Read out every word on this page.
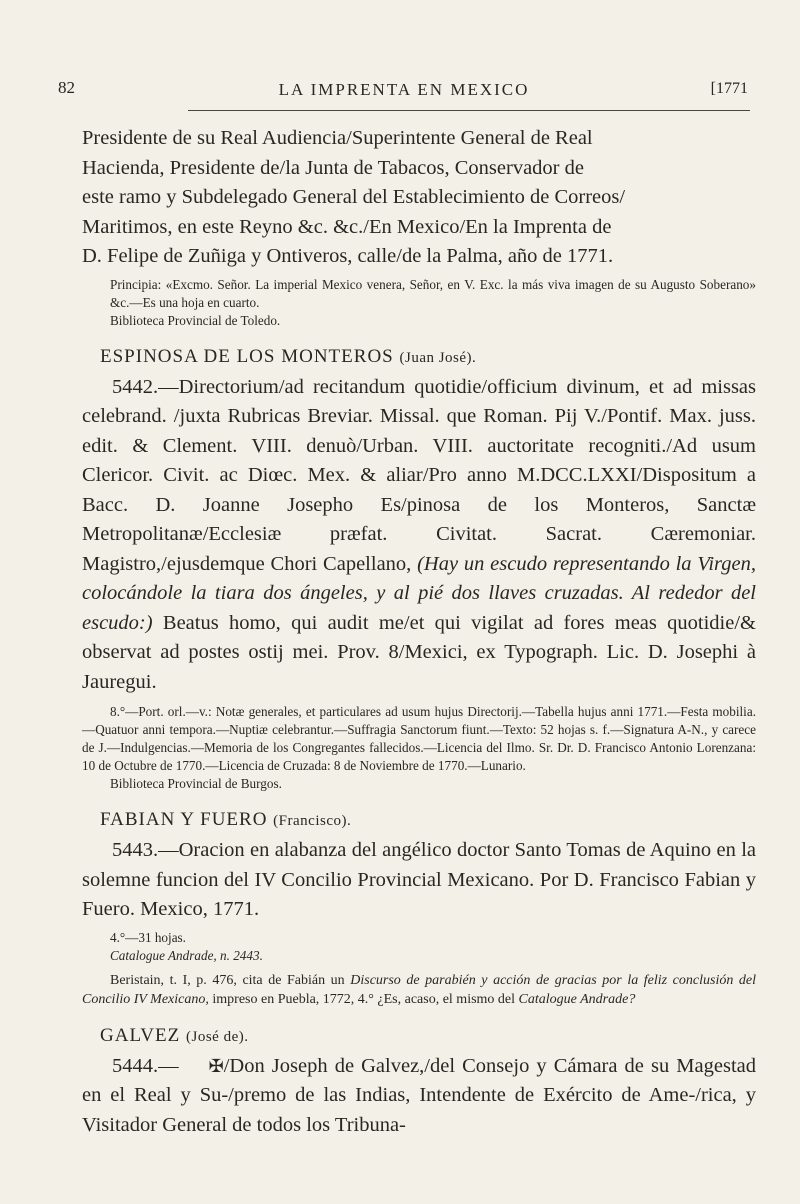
82	LA IMPRENTA EN MEXICO	[1771

Presidente de su Real Audiencia/Superintente General de Real

Hacienda, Presidente de/la Junta de Tabacos, Conservador de

este ramo y Subdelegado General del Establecimiento de Correos/

Maritimos, en este Reyno &c. &c./En Mexico/En la Imprenta de

D. Felipe de Zuñiga y Ontiveros, calle/de la Palma, año de 1771.

Principia: «Excmo. Señor. La imperial Mexico venera, Señor, en V. Exc. la más viva imagen de su Augusto Soberano» &c.—Es una hoja en cuarto.

Biblioteca Provincial de Toledo.

ESPINOSA DE LOS MONTEROS (Juan José).

5442.—Directorium/ad recitandum quotidie/officium divinum, et ad missas celebrand. /juxta Rubricas Breviar. Missal. que Roman. Pij V./Pontif. Max. juss. edit. & Clement. VIII. denuò/Urban. VIII. auctoritate recogniti./Ad usum Clericor. Civit. ac Diœc. Mex. & aliar/Pro anno M.DCC.LXXI/Dispositum a Bacc. D. Joanne Josepho Es/pinosa de los Monteros, Sanctæ Metropolitanæ/Ecclesiæ præfat. Civitat. Sacrat. Cæremoniar. Magistro,/ejusdemque Chori Capellano, (Hay un escudo representando la Virgen, colocándole la tiara dos ángeles, y al pié dos llaves cruzadas. Al rededor del escudo:) Beatus homo, qui audit me/et qui vigilat ad fores meas quotidie/& observat ad postes ostij mei. Prov. 8/Mexici, ex Typograph. Lic. D. Josephi à Jauregui.

8.°—Port. orl.—v.: Notæ generales, et particulares ad usum hujus Directorij.—Tabella hujus anni 1771.—Festa mobilia.—Quatuor anni tempora.—Nuptiæ celebrantur.—Suffragia Sanctorum fiunt.—Texto: 52 hojas s. f.—Signatura A-N., y carece de J.—Indulgencias.—Memoria de los Congregantes fallecidos.—Licencia del Ilmo. Sr. Dr. D. Francisco Antonio Lorenzana: 10 de Octubre de 1770.—Licencia de Cruzada: 8 de Noviembre de 1770.—Lunario.

Biblioteca Provincial de Burgos.

FABIAN Y FUERO (Francisco).

5443.—Oracion en alabanza del angélico doctor Santo Tomas de Aquino en la solemne funcion del IV Concilio Provincial Mexicano. Por D. Francisco Fabian y Fuero. Mexico, 1771.

4.°—31 hojas.

Catalogue Andrade, n. 2443.

Beristain, t. I, p. 476, cita de Fabián un Discurso de parabién y acción de gracias por la feliz conclusión del Concilio IV Mexicano, impreso en Puebla, 1772, 4.° ¿Es, acaso, el mismo del Catalogue Andrade?

GALVEZ (José de).

5444.— ✠/Don Joseph de Galvez,/del Consejo y Cámara de su Magestad en el Real y Su-/premo de las Indias, Intendente de Exército de Ame-/rica, y Visitador General de todos los Tribuna-
